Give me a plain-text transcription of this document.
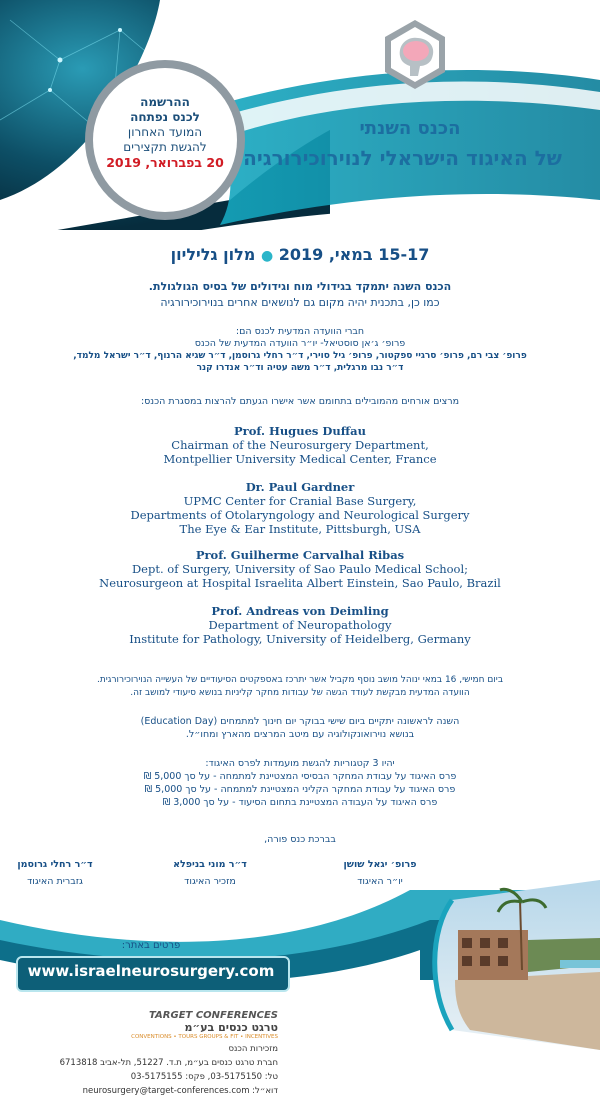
ההרשמה
לכנס נפתחה
המועד האחרון
להגשת תקצירים
20 בפברואר, 2019
הכנס השנתי
של האיגוד הישראלי לנוירוכירורגיה
15-17 במאי, 2019 ● מלון גליליון
הכנס השנה יתמקד בגידולי מוח וגידולים של בסיס הגולגולת.
כמו כן, בתכנית יהיה מקום גם לנושאים אחרים בנוירוכירורגיה
חברי הוועדה המדעית לכנס הם:
פרופ׳ ג׳אן סוסטיאל- יו״ר הוועדה המדעית של הכנס
פרופ׳ צבי רם, פרופ׳ סרגיי ספקטור, פרופ׳ גיל סוירי, ד״ר רחלי גרוסמן, ד״ר שגיא הרנוף, ד״ר ישראל מלמד,
ד״ר נבו מרגלית, ד״ר משה עטיה וד״ר אנדרו קנר
מרצים אורחים מהמובילים בתחומם אשר אישרו הגעתם להרצות במסגרת הכנס:
Prof. Hugues Duffau
Chairman of the Neurosurgery Department,
Montpellier University Medical Center, France
Dr. Paul Gardner
UPMC Center for Cranial Base Surgery,
Departments of Otolaryngology and Neurological Surgery
The Eye & Ear Institute, Pittsburgh, USA
Prof. Guilherme Carvalhal Ribas
Dept. of Surgery, University of Sao Paulo Medical School;
Neurosurgeon at Hospital Israelita Albert Einstein, Sao Paulo, Brazil
Prof. Andreas von Deimling
Department of Neuropathology
Institute for Pathology, University of Heidelberg, Germany
ביום חמישי, 16 במאי ינוהל מושב נוסף מקביל אשר יתרכז באספקטים הסיעודיים של העשייה הנוירוכירורגית.
הוועדה המדעית מבקשת לעודד הגשה של עבודות מחקר קליניות בנושא סיעודי למושב זה.
השנה לראשונה יתקיים ביום שישי בבוקר יום חינוך למתמחים (Education Day)
בנושא נוירואונקולוגיה עם מיטב המרצים מהארץ ומחו״ל.
יהיו 3 קטגוריות להגשת מועמדות לפרס האיגוד:
פרס האיגוד על עבודת המחקר הבסיסי המצטיינת למתמחה - על סך 5,000 ₪
פרס האיגוד על עבודת המחקר הקליני המצטיינת למתמחה - על סך 5,000 ₪
פרס האיגוד על העבודה המצטיינת בתחום הסיעוד - על סך 3,000 ₪
בברכת כנס פורה,
פרופ׳ יגאל שושן
יו״ר האיגוד
ד״ר מוני בניפלא
מזכיר האיגוד
ד״ר רחלי גרוסמן
גזברית האיגוד
פרטים באתר:
www.israelneurosurgery.com
TARGET CONFERENCES
טרגט כנסים בע״מ
CONVENTIONS • TOURS GROUPS & FIT • INCENTIVES
מזכירות הכנס
חברת טרגט כנסים בע״מ, ת.ד. 51227, תל-אביב 6713818
טל: 03-5175150, פקס: 03-5175155
דוא״ל: neurosurgery@target-conferences.com
